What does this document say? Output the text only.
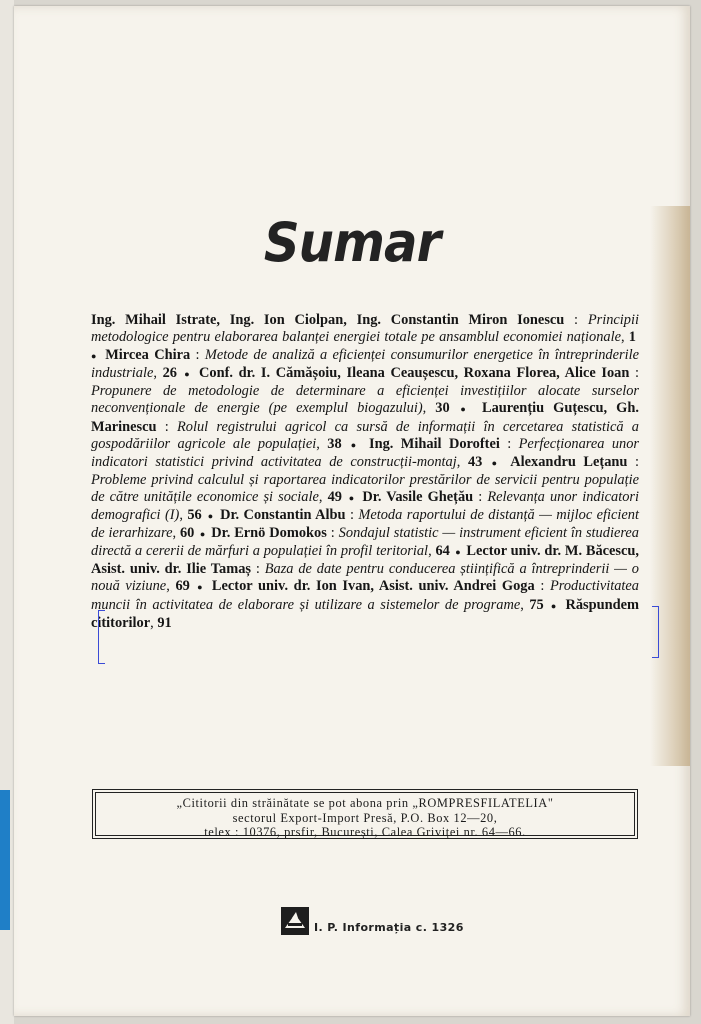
Sumar
Ing. Mihail Istrate, Ing. Ion Ciolpan, Ing. Constantin Miron Ionescu : Principii metodologice pentru elaborarea balanței energiei totale pe ansamblul economiei naționale, 1 ● Mircea Chira : Metode de analiză a eficienței consumurilor energetice în întreprinderile industriale, 26 ● Conf. dr. I. Cămășoiu, Ileana Ceaușescu, Roxana Florea, Alice Ioan : Propunere de metodologie de determinare a eficienței investițiilor alocate surselor neconvenționale de energie (pe exemplul biogazului), 30 ● Laurențiu Guțescu, Gh. Marinescu : Rolul registrului agricol ca sursă de informații în cercetarea statistică a gospodăriilor agricole ale populației, 38 ● Ing. Mihail Doroftei : Perfecționarea unor indicatori statistici privind activitatea de construcții-montaj, 43 ● Alexandru Lețanu : Probleme privind calculul și raportarea indicatorilor prestărilor de servicii pentru populație de către unitățile economice și sociale, 49 ● Dr. Vasile Ghețău : Relevanța unor indicatori demografici (I), 56 ● Dr. Constantin Albu : Metoda raportului de distanță — mijloc eficient de ierarhizare, 60 ● Dr. Ernö Domokos : Sondajul statistic — instrument eficient în studierea directă a cererii de mărfuri a populației în profil teritorial, 64 ● Lector univ. dr. M. Băcescu, Asist. univ. dr. Ilie Tamaș : Baza de date pentru conducerea științifică a întreprinderii — o nouă viziune, 69 ● Lector univ. dr. Ion Ivan, Asist. univ. Andrei Goga : Productivitatea muncii în activitatea de elaborare și utilizare a sistemelor de programe, 75 ● Răspundem cititorilor, 91
„Cititorii din străinătate se pot abona prin „ROMPRESFILATELIA"
sectorul Export-Import Presă, P.O. Box 12—20,
telex : 10376, prsfir, București, Calea Griviței nr. 64—66.
I. P. Informația c. 1326
